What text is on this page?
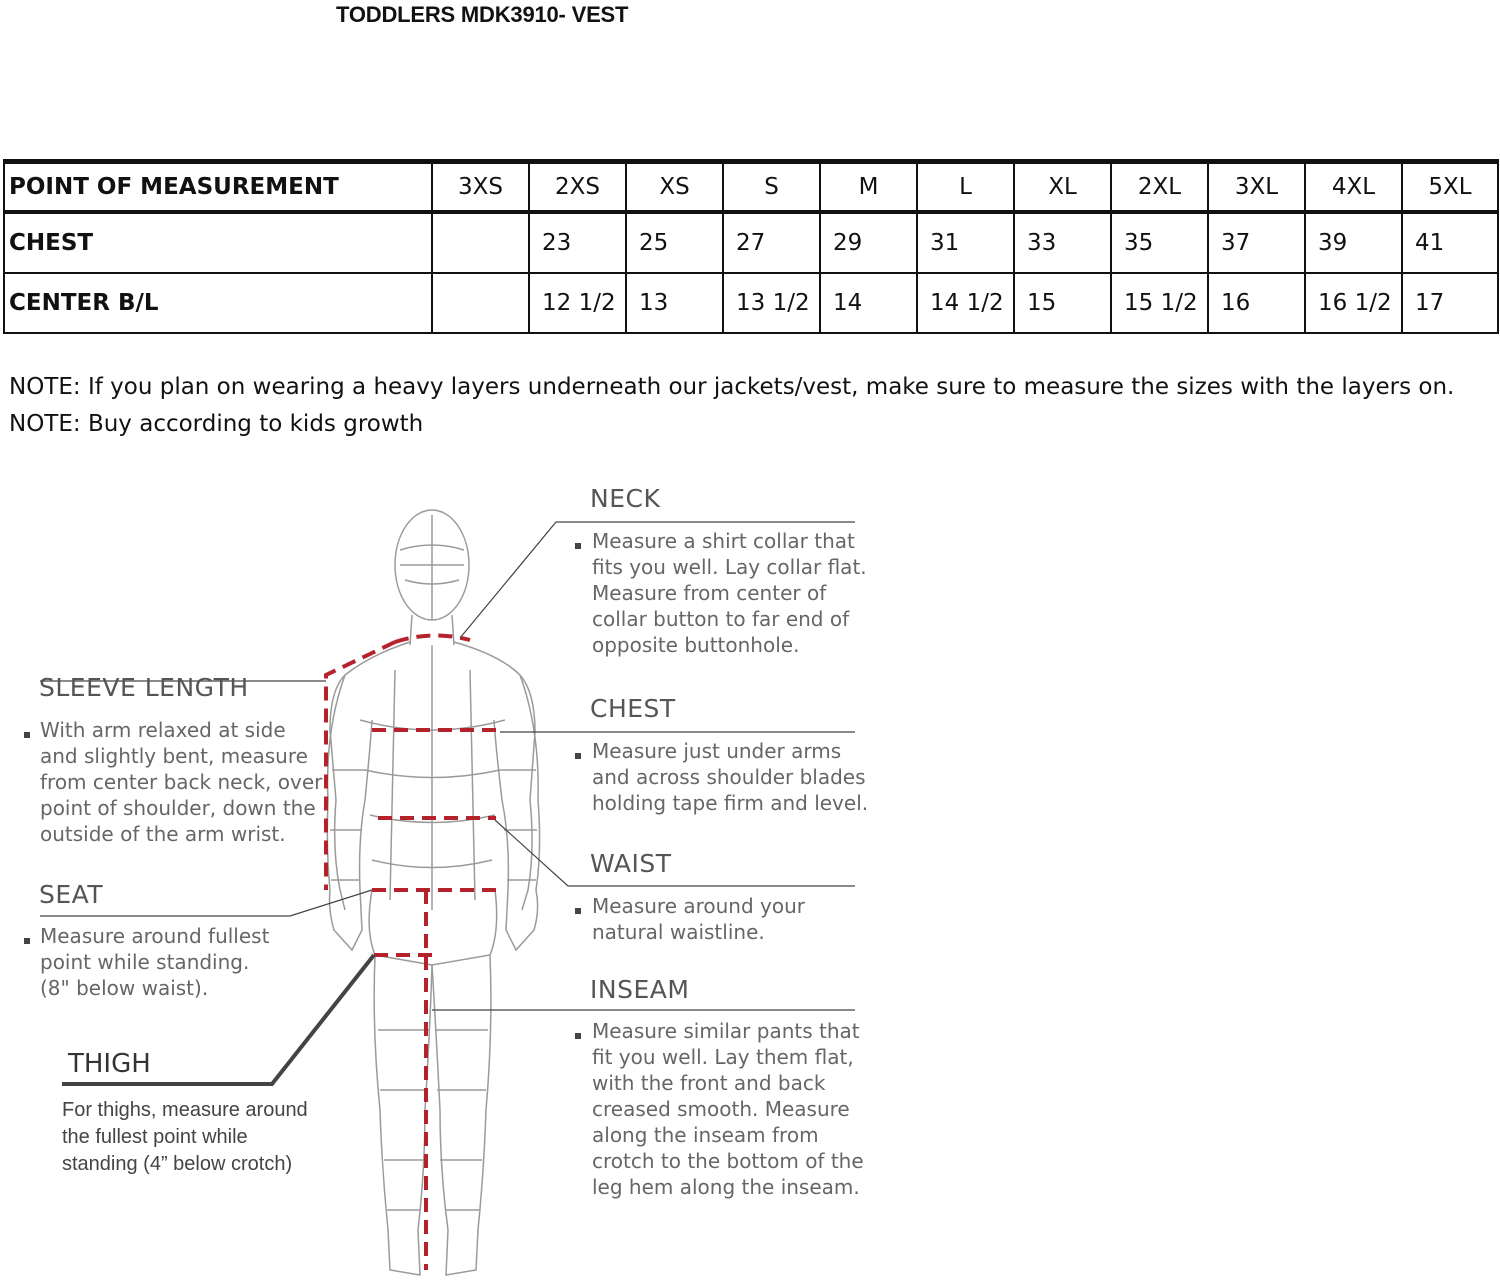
TODDLERS MDK3910- VEST
POINT OF MEASUREMENT	3XS	2XS	XS	S	M	L	XL	2XL	3XL	4XL	5XL
CHEST		23	25	27	29	31	33	35	37	39	41
CENTER B/L		12 1/2	13	13 1/2	14	14 1/2	15	15 1/2	16	16 1/2	17
NOTE: If you plan on wearing a heavy layers underneath our jackets/vest, make sure to measure the sizes with the layers on.
NOTE: Buy according to kids growth
NECK
Measure a shirt collar that
fits you well. Lay collar flat.
Measure from center of
collar button to far end of
opposite buttonhole.
CHEST
Measure just under arms
and across shoulder blades
holding tape firm and level.
WAIST
Measure around your
natural waistline.
INSEAM
Measure similar pants that
fit you well. Lay them flat,
with the front and back
creased smooth. Measure
along the inseam from
crotch to the bottom of the
leg hem along the inseam.
SLEEVE LENGTH
With arm relaxed at side
and slightly bent, measure
from center back neck, over
point of shoulder, down the
outside of the arm wrist.
SEAT
Measure around fullest
point while standing.
(8" below waist).
THIGH
For thighs, measure around
the fullest point while
standing (4” below crotch)
